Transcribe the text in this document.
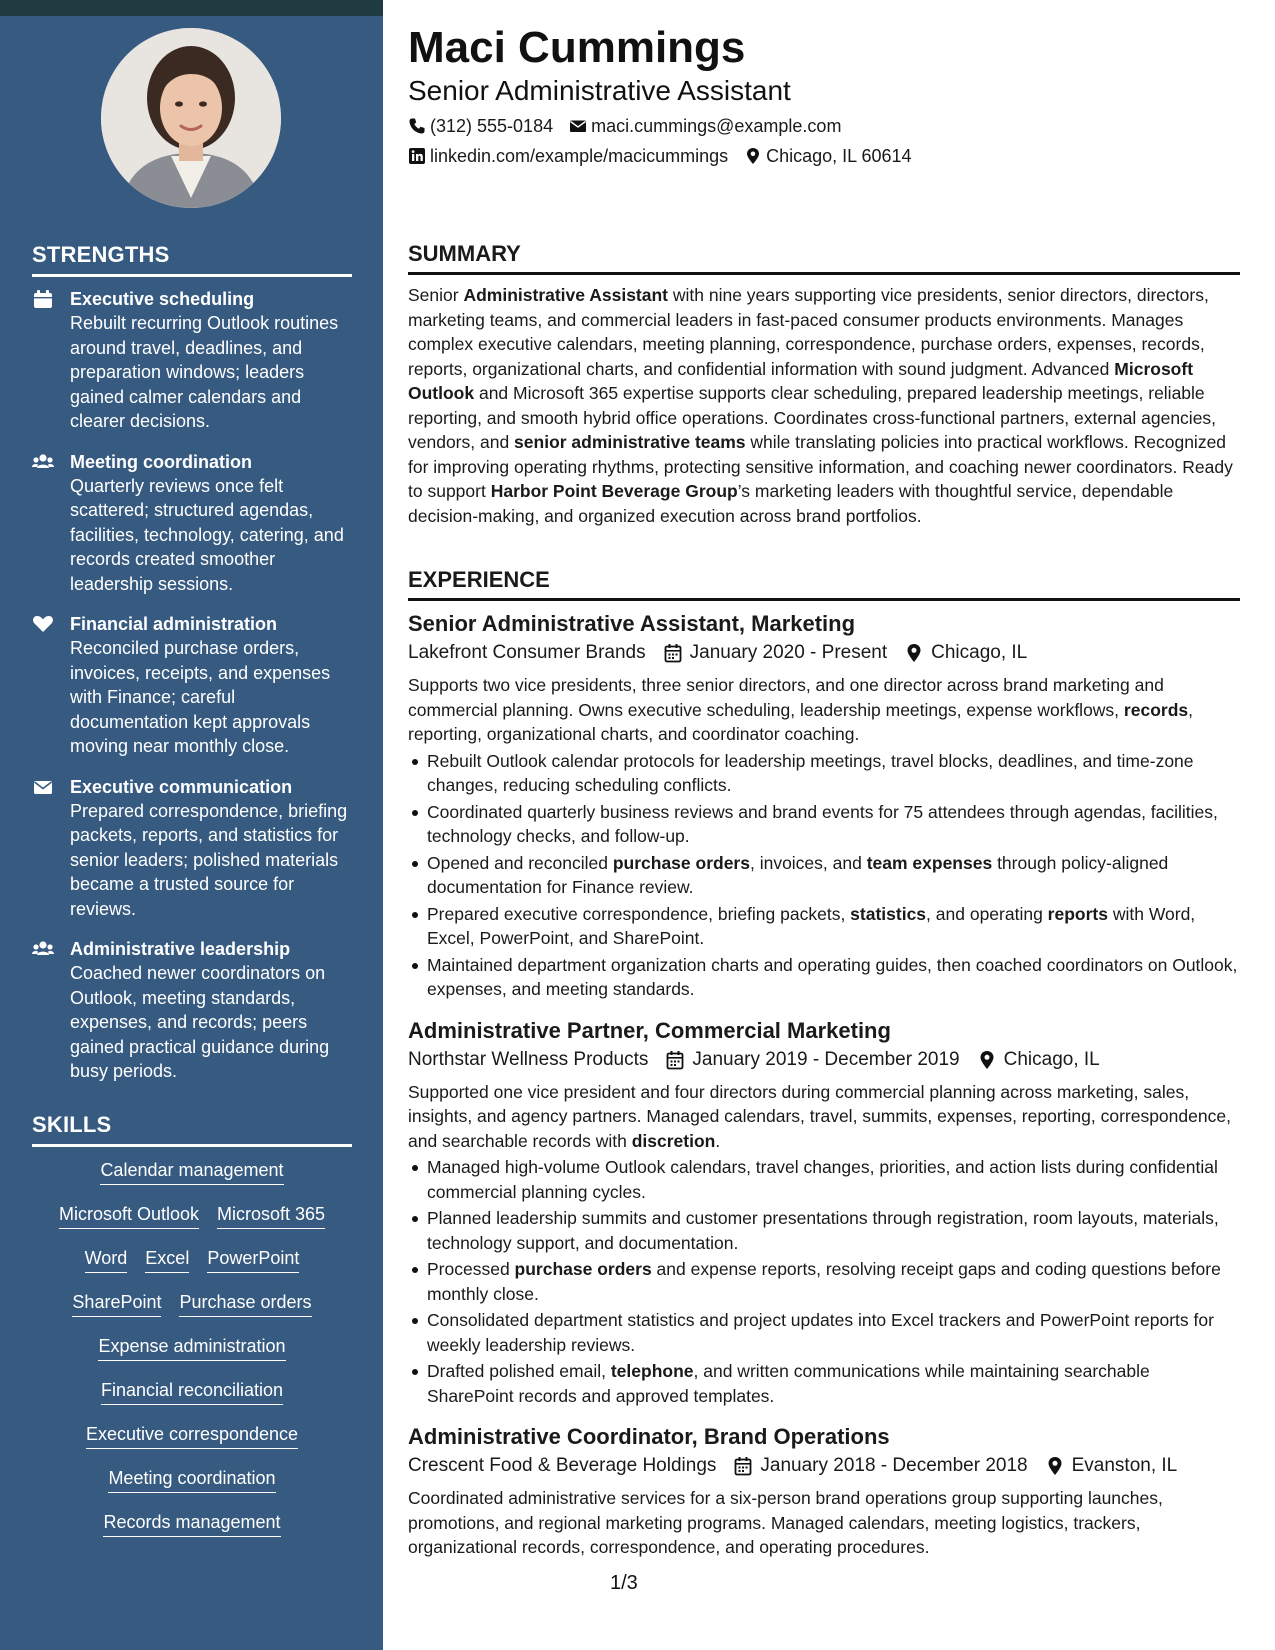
STRENGTHS
Executive scheduling
Rebuilt recurring Outlook routines around travel, deadlines, and preparation windows; leaders gained calmer calendars and clearer decisions.
Meeting coordination
Quarterly reviews once felt scattered; structured agendas, facilities, technology, catering, and records created smoother leadership sessions.
Financial administration
Reconciled purchase orders, invoices, receipts, and expenses with Finance; careful documentation kept approvals moving near monthly close.
Executive communication
Prepared correspondence, briefing packets, reports, and statistics for senior leaders; polished materials became a trusted source for reviews.
Administrative leadership
Coached newer coordinators on Outlook, meeting standards, expenses, and records; peers gained practical guidance during busy periods.
SKILLS
Calendar management
Microsoft Outlook Microsoft 365
Word Excel PowerPoint
SharePoint Purchase orders
Expense administration
Financial reconciliation
Executive correspondence
Meeting coordination
Records management
Maci Cummings
Senior Administrative Assistant
(312) 555-0184 maci.cummings@example.com
linkedin.com/example/macicummings Chicago, IL 60614
SUMMARY

Senior Administrative Assistant with nine years supporting vice presidents, senior directors, directors, marketing teams, and commercial leaders in fast-paced consumer products environments. Manages complex executive calendars, meeting planning, correspondence, purchase orders, expenses, records, reports, organizational charts, and confidential information with sound judgment. Advanced Microsoft Outlook and Microsoft 365 expertise supports clear scheduling, prepared leadership meetings, reliable reporting, and smooth hybrid office operations. Coordinates cross-functional partners, external agencies, vendors, and senior administrative teams while translating policies into practical workflows. Recognized for improving operating rhythms, protecting sensitive information, and coaching newer coordinators. Ready to support Harbor Point Beverage Group’s marketing leaders with thoughtful service, dependable decision-making, and organized execution across brand portfolios.

EXPERIENCE
Senior Administrative Assistant, Marketing
Lakefront Consumer Brands January 2020 - Present Chicago, IL

Supports two vice presidents, three senior directors, and one director across brand marketing and commercial planning. Owns executive scheduling, leadership meetings, expense workflows, records, reporting, organizational charts, and coordinator coaching.

Rebuilt Outlook calendar protocols for leadership meetings, travel blocks, deadlines, and time-zone changes, reducing scheduling conflicts.
Coordinated quarterly business reviews and brand events for 75 attendees through agendas, facilities, technology checks, and follow-up.
Opened and reconciled purchase orders, invoices, and team expenses through policy-aligned documentation for Finance review.
Prepared executive correspondence, briefing packets, statistics, and operating reports with Word, Excel, PowerPoint, and SharePoint.
Maintained department organization charts and operating guides, then coached coordinators on Outlook, expenses, and meeting standards.
Administrative Partner, Commercial Marketing
Northstar Wellness Products January 2019 - December 2019 Chicago, IL

Supported one vice president and four directors during commercial planning across marketing, sales, insights, and agency partners. Managed calendars, travel, summits, expenses, reporting, correspondence, and searchable records with discretion.

Managed high-volume Outlook calendars, travel changes, priorities, and action lists during confidential commercial planning cycles.
Planned leadership summits and customer presentations through registration, room layouts, materials, technology support, and documentation.
Processed purchase orders and expense reports, resolving receipt gaps and coding questions before monthly close.
Consolidated department statistics and project updates into Excel trackers and PowerPoint reports for weekly leadership reviews.
Drafted polished email, telephone, and written communications while maintaining searchable SharePoint records and approved templates.
Administrative Coordinator, Brand Operations
Crescent Food & Beverage Holdings January 2018 - December 2018 Evanston, IL

Coordinated administrative services for a six-person brand operations group supporting launches, promotions, and regional marketing programs. Managed calendars, meeting logistics, trackers, organizational records, correspondence, and operating procedures.

1/3
